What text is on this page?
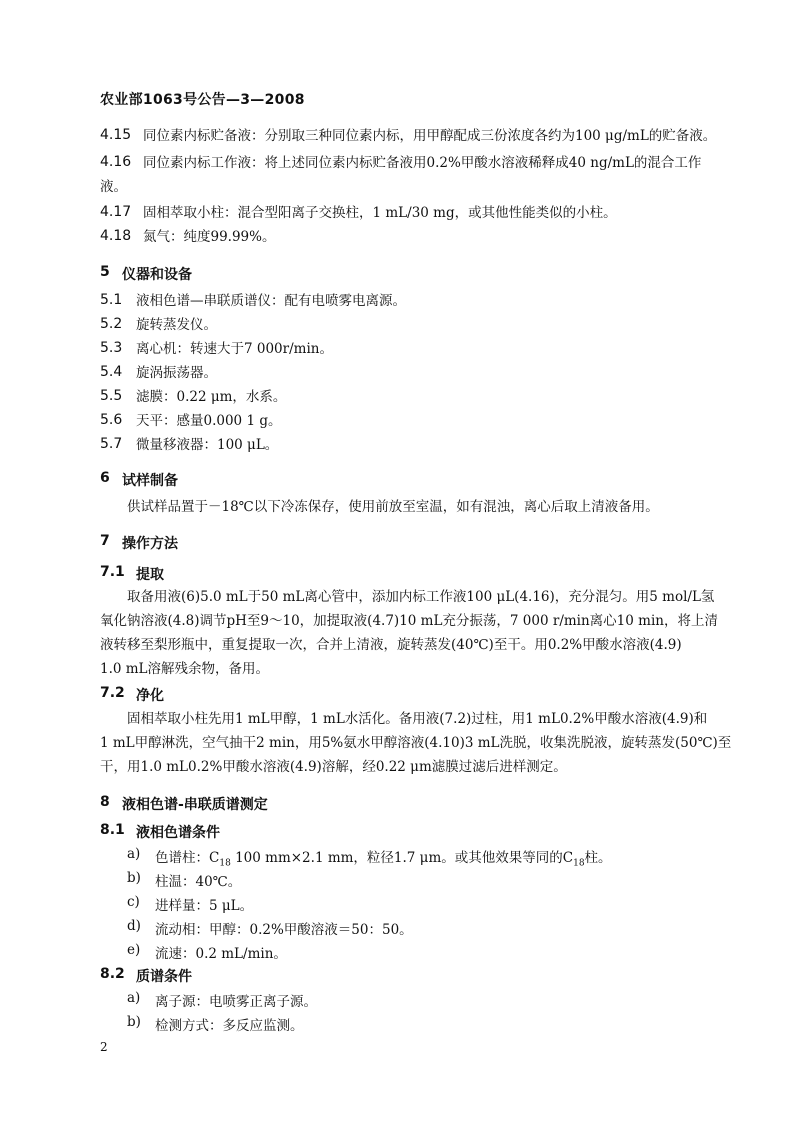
农业部1063号公告—3—2008
4.15 同位素内标贮备液：分别取三种同位素内标，用甲醇配成三份浓度各约为100 μg/mL的贮备液。
4.16 同位素内标工作液：将上述同位素内标贮备液用0.2%甲酸水溶液稀释成40 ng/mL的混合工作
液。
4.17 固相萃取小柱：混合型阳离子交换柱，1 mL/30 mg，或其他性能类似的小柱。
4.18 氮气：纯度99.99%。
5 仪器和设备
5.1 液相色谱—串联质谱仪：配有电喷雾电离源。
5.2 旋转蒸发仪。
5.3 离心机：转速大于7 000r/min。
5.4 旋涡振荡器。
5.5 滤膜：0.22 μm，水系。
5.6 天平：感量0.000 1 g。
5.7 微量移液器：100 μL。
6 试样制备
供试样品置于－18℃以下冷冻保存，使用前放至室温，如有混浊，离心后取上清液备用。
7 操作方法
7.1 提取
取备用液(6)5.0 mL于50 mL离心管中，添加内标工作液100 μL(4.16)，充分混匀。用5 mol/L氢
氧化钠溶液(4.8)调节pH至9～10，加提取液(4.7)10 mL充分振荡，7 000 r/min离心10 min，将上清
液转移至梨形瓶中，重复提取一次，合并上清液，旋转蒸发(40℃)至干。用0.2%甲酸水溶液(4.9)
1.0 mL溶解残余物，备用。
7.2 净化
固相萃取小柱先用1 mL甲醇，1 mL水活化。备用液(7.2)过柱，用1 mL0.2%甲酸水溶液(4.9)和
1 mL甲醇淋洗，空气抽干2 min，用5%氨水甲醇溶液(4.10)3 mL洗脱，收集洗脱液，旋转蒸发(50℃)至
干，用1.0 mL0.2%甲酸水溶液(4.9)溶解，经0.22 μm滤膜过滤后进样测定。
8 液相色谱-串联质谱测定
8.1 液相色谱条件
a) 色谱柱：$C_{18}$ 100 mm×2.1 mm，粒径1.7 μm。或其他效果等同的$C_{18}$柱。
b) 柱温：40℃。
c) 进样量：5 μL。
d) 流动相：甲醇：0.2%甲酸溶液＝50：50。
e) 流速：0.2 mL/min。
8.2 质谱条件
a) 离子源：电喷雾正离子源。
b) 检测方式：多反应监测。
2
